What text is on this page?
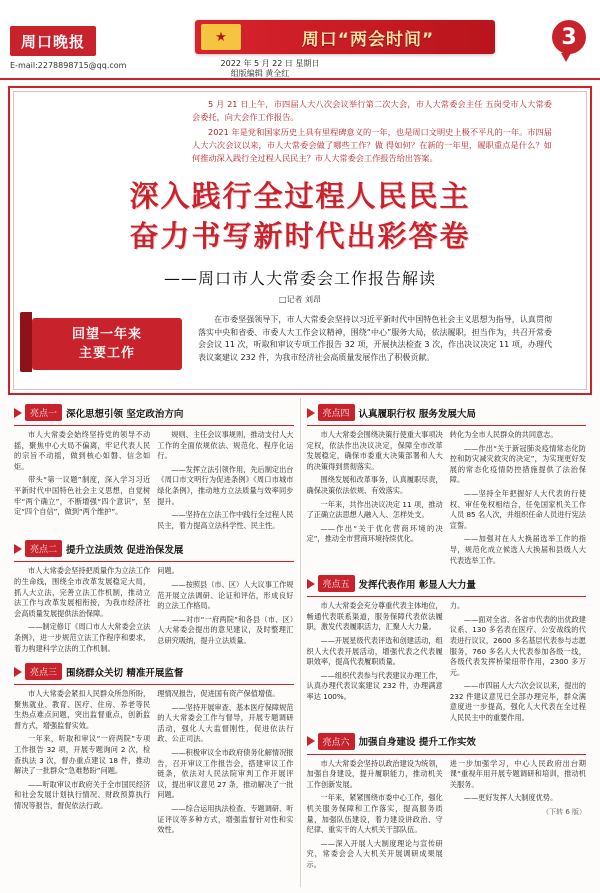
周口晚报
E-mail:2278898715@qq.com	2022 年 5 月 22 日 星期日
组版编辑 黄全红
★	周口“两会时间”	3

5 月 21 日上午，市四届人大八次会议举行第二次大会，市人大常委会主任 五岗受市人大常委会委托，向大会作工作报告。

2021 年是党和国家历史上具有里程碑意义的一年，也是周口文明史上极不平凡的一年。市四届人大六次会议以来，市人大常委会做了哪些工作？做 得如何？在新的一年里，履职重点是什么？如何推动深入践行全过程人民民主？市人大常委会工作报告给出答案。

深入践行全过程人民民主
奋力书写新时代出彩答卷
——周口市人大常委会工作报告解读
□记者 刘昂
回望一年来
主要工作

在市委坚强领导下，市人大常委会坚持以习近平新时代中国特色社会主义思想为指导，认真贯彻落实中央和省委、市委人大工作会议精神，围绕“中心”服务大局，依法履职，担当作为，共召开常委会会议 11 次，听取和审议专项工作报告 32 项，开展执法检查 3 次，作出决议决定 11 项，办理代表议案建议 232 件，为我市经济社会高质量发展作出了积极贡献。

亮点一 深化思想引领 坚定政治方向

市人大常委会始终坚持党的领导不动摇，聚焦中心大局不偏离，牢记代表人民的宗旨不动摇，做到核心如磐、信念如炬。

带头“第一议题”制度，深入学习习近平新时代中国特色社会主义思想，自觉树牢“两个确立”，不断增强“四个意识”，坚定“四个自信”，做到“两个维护”。

规则、主任会议事规则，推动支付人大工作的全面依规依法、规范化、程序化运行。

——发挥立法引领作用，先后制定出台《周口市文明行为促进条例》《周口市城市绿化条例》，推动地方立法质量与效率同步提升。

——坚持在立法工作中践行全过程人民民主，着力提高立法科学性、民主性。

亮点二 提升立法质效 促进治保发展

市人大常委会坚持把质量作为立法工作的生命线，围绕全市改革发展稳定大局，抓人大立法，完善立法工作机制，推动立法工作与改革发展相衔接，为我市经济社会高质量发展提供法治保障。

——制定修订《周口市人大常委会立法条例》，进一步规范立法工作程序和要求，着力构建科学立法的工作机制。

问题。

——按照县（市、区）人大议事工作规范开展立法调研、论证和评估，形成良好的立法工作格局。

——对市“一府两院”和各县（市、区）人大常委会提出的意见建议，及时整理汇总研究吸纳，提升立法质量。

亮点三 围绕群众关切 精准开展监督

市人大常委会紧扣人民群众所急所盼，聚焦就业、教育、医疗、住房、养老等民生热点难点问题，突出监督重点，创新监督方式，增强监督实效。

一年来，听取和审议“一府两院”专项工作报告 32 项，开展专题询问 2 次，检查执法 3 次，督办重点建议 18 件，推动解决了一批群众“急难愁盼”问题。

——听取审议市政府关于全市国民经济和社会发展计划执行情况、财政预算执行情况等报告，督促依法行政。

理情况报告，促进国有资产保值增值。

——坚持开展审查、基本医疗保障规范的人大常委会工作与督导，开展专题调研活动，强化人大监督刚性，促进依法行政、公正司法。

——积极审议全市政府债务化解情况报告，召开审议工作报告会，搭建审议工作链条，依法对人民法院审判工作开展评议，提出审议意见 27 条，推动解决了一批问题。

——综合运用执法检查、专题调研、听证评议等多种方式，增强监督针对性和实效性。

亮点四 认真履职行权 服务发展大局

市人大常委会围绕决策行使重大事项决定权，依法作出决议决定，保障全市改革发展稳定，确保市委重大决策部署和人大的决策得到贯彻落实。

围绕发展和改革事务，认真履职尽责，确保决策依法依规、有效落实。

一年来，共作出决议决定 11 项，推动了正确立法思想人融入人、怎样处支。

——作出“关于优化营商环境的决定”，推动全市营商环境持续优化。

转化为全市人民群众的共同意志。

——作出“关于新冠肺炎疫情常态化防控和防灾减灾救灾的决定”，为实现更好发展的常态化疫情防控措施提供了法治保障。

——坚持全年把握好人大代表的行使权、审任免权相结合，任免国家机关工作人员 85 名人次，并组织任命人员进行宪法宣誓。

——加强对在人大换届选举工作的指导，规范化成立候选人大换届和县级人大代表选举工作。

亮点五 发挥代表作用 彰显人大力量

市人大常委会充分尊重代表主体地位，畅通代表联系渠道，服务保障代表依法履职，激发代表履职活力，汇聚人大力量。

——开展星级代表评选和创建活动，组织人大代表开展活动，增强代表之代表履职效率，提高代表履职质量。

——组织代表参与代表建议办理工作，认真办理代表议案建议 232 件，办理满意率达 100%。

力。

——面对全省、各省市代表的出优政建议系、130 多名表在医疗、公安战线的代表进行议议，2600 多名基层代表参与志愿服务，760 多名人大代表参加各级一线，各级代表发挥桥梁纽带作用，2300 多万元。

——市四届人大六次会议以来，提出的 232 件建议意见已全部办理完毕，群众满意度进一步提高，强化人大代表在全过程人民民主中的重要作用。

亮点六 加强自身建设 提升工作实效

市人大常委会坚持以政治建设为统领，加强自身建设，提升履职能力，推动机关工作创新发展。

一年来，紧紧围绕市委中心工作，强化机关服务保障和工作落实，提高服务质量，加强队伍建设，着力建设讲政治、守纪律、重实干的人大机关干部队伍。

——深入开展人大制度理论与宣传研究，常委会会人大机关开展调研成果展示。

进一步加强学习，中心人民政府出台期课“重视年用开展专题调研和培训，推动机关服务。

——更好发挥人大制度优势。

（下转 6 版）
